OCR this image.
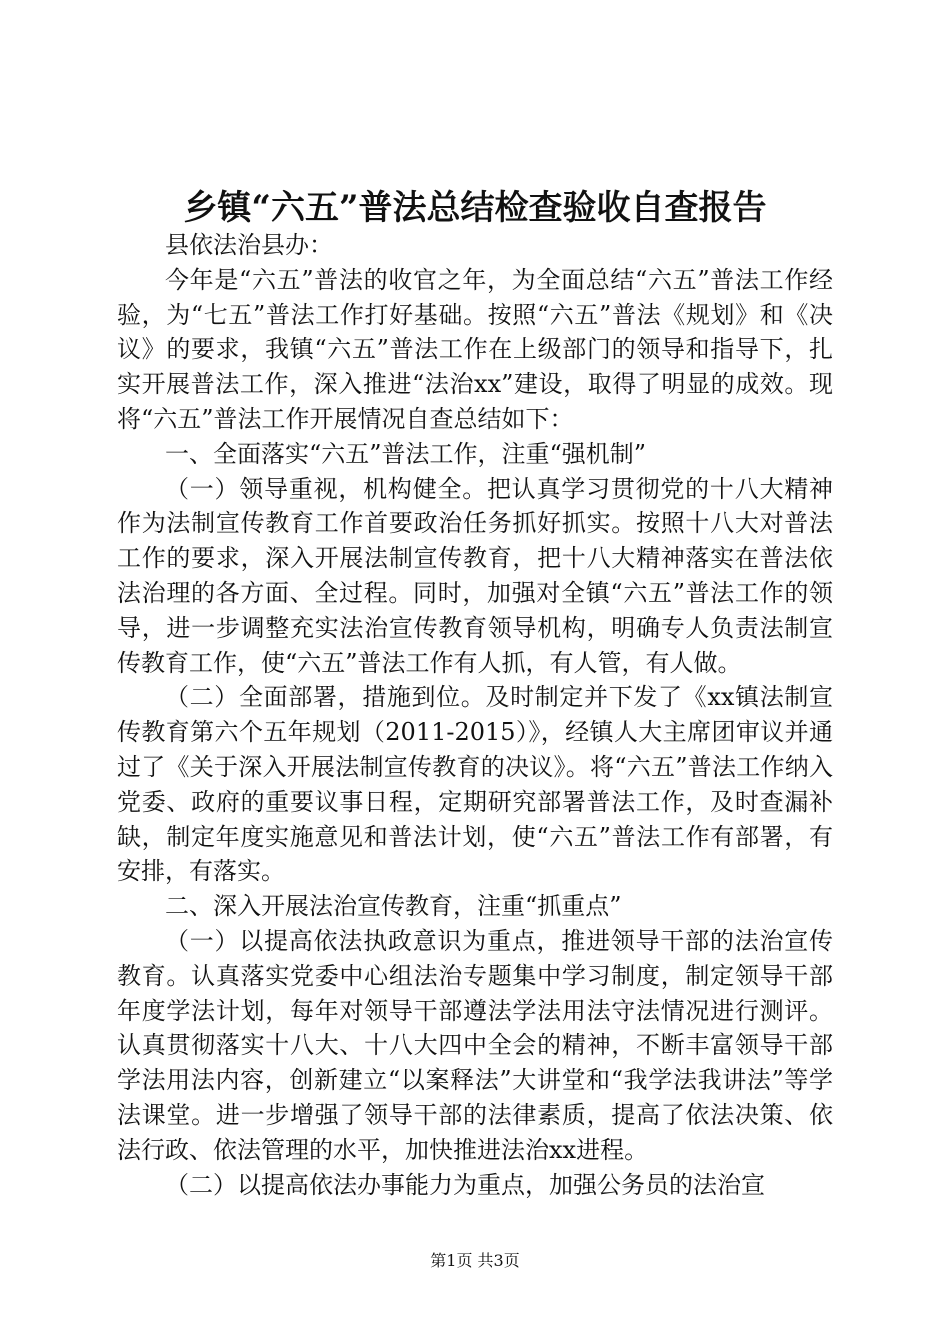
乡镇“六五”普法总结检查验收自查报告

县依法治县办：

今年是“六五”普法的收官之年，为全面总结“六五”普法工作经验，为“七五”普法工作打好基础。按照“六五”普法《规划》和《决议》的要求，我镇“六五”普法工作在上级部门的领导和指导下，扎实开展普法工作，深入推进“法治xx”建设，取得了明显的成效。现将“六五”普法工作开展情况自查总结如下：

一、全面落实“六五”普法工作，注重“强机制”

（一）领导重视，机构健全。把认真学习贯彻党的十八大精神作为法制宣传教育工作首要政治任务抓好抓实。按照十八大对普法工作的要求，深入开展法制宣传教育，把十八大精神落实在普法依法治理的各方面、全过程。同时，加强对全镇“六五”普法工作的领导，进一步调整充实法治宣传教育领导机构，明确专人负责法制宣传教育工作，使“六五”普法工作有人抓，有人管，有人做。

（二）全面部署，措施到位。及时制定并下发了《xx镇法制宣传教育第六个五年规划（2011-2015）》，经镇人大主席团审议并通过了《关于深入开展法制宣传教育的决议》。将“六五”普法工作纳入党委、政府的重要议事日程，定期研究部署普法工作，及时查漏补缺，制定年度实施意见和普法计划，使“六五”普法工作有部署，有安排，有落实。

二、深入开展法治宣传教育，注重“抓重点”

（一）以提高依法执政意识为重点，推进领导干部的法治宣传教育。认真落实党委中心组法治专题集中学习制度，制定领导干部年度学法计划，每年对领导干部遵法学法用法守法情况进行测评。认真贯彻落实十八大、十八大四中全会的精神，不断丰富领导干部学法用法内容，创新建立“以案释法”大讲堂和“我学法我讲法”等学法课堂。进一步增强了领导干部的法律素质，提高了依法决策、依法行政、依法管理的水平，加快推进法治xx进程。

（二）以提高依法办事能力为重点，加强公务员的法治宣

第1页 共3页
